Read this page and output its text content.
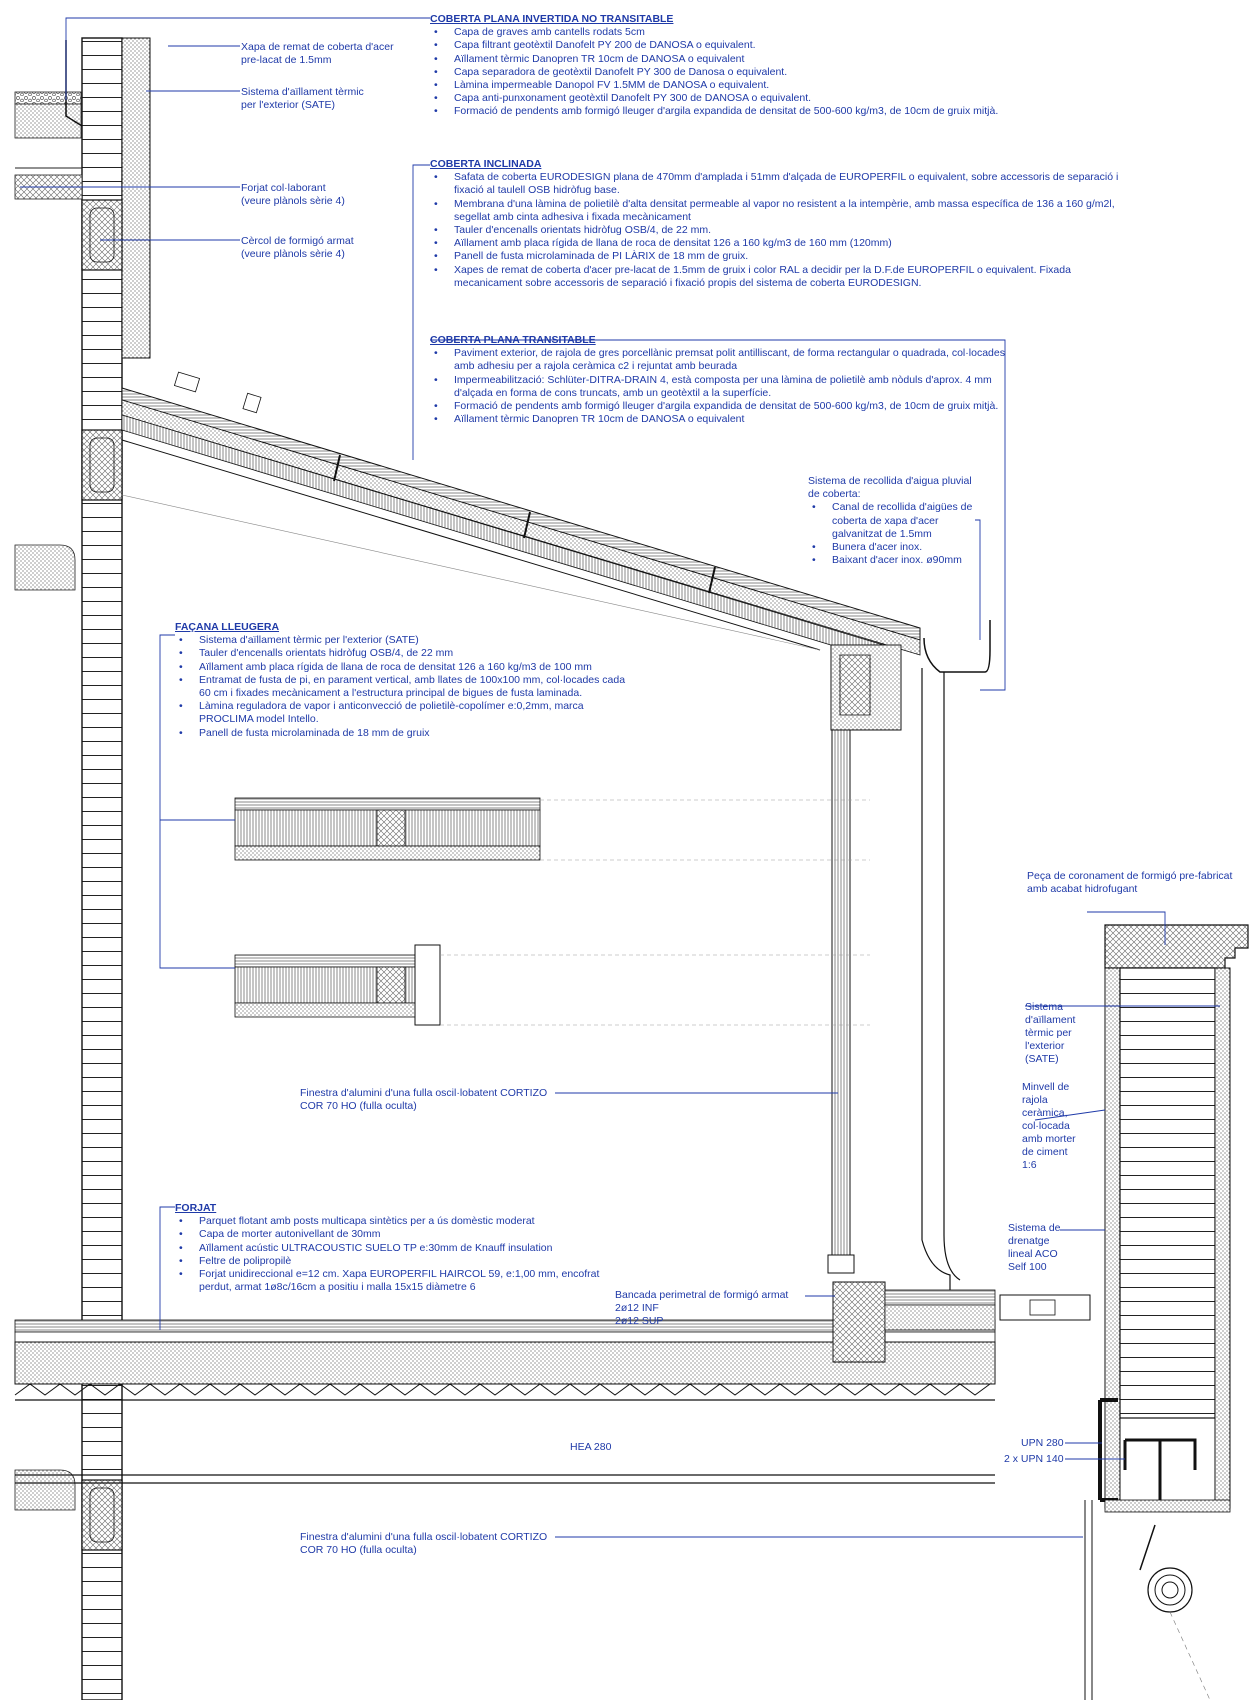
COBERTA PLANA INVERTIDA NO TRANSITABLE
• Capa de graves amb cantells rodats 5cm
• Capa filtrant geotèxtil Danofelt PY 200 de DANOSA o equivalent.
• Aïllament tèrmic Danopren TR 10cm de DANOSA o equivalent
• Capa separadora de geotèxtil Danofelt PY 300 de Danosa o equivalent.
• Làmina impermeable Danopol FV 1.5MM de DANOSA o equivalent.
• Capa anti-punxonament geotèxtil Danofelt PY 300 de DANOSA o equivalent.
• Formació de pendents amb formigó lleuger d'argila expandida de densitat de 500-600 kg/m3, de 10cm de gruix mitjà.
COBERTA INCLINADA
• Safata de coberta EURODESIGN plana de 470mm d'amplada i 51mm d'alçada de EUROPERFIL o equivalent, sobre accessoris de separació i fixació al taulell OSB hidròfug base.
• Membrana d'una làmina de polietilè d'alta densitat permeable al vapor no resistent a la intempèrie, amb massa específica de 136 a 160 g/m2l, segellat amb cinta adhesiva i fixada mecànicament
• Tauler d'encenalls orientats hidròfug OSB/4, de 22 mm.
• Aïllament amb placa rígida de llana de roca de densitat 126 a 160 kg/m3 de 160 mm (120mm)
• Panell de fusta microlaminada de PI LÀRIX de 18 mm de gruix.
• Xapes de remat de coberta d'acer pre-lacat de 1.5mm de gruix i color RAL a decidir per la D.F.de EUROPERFIL o equivalent. Fixada mecanicament sobre accessoris de separació i fixació propis del sistema de coberta EURODESIGN.
COBERTA PLANA TRANSITABLE
• Paviment exterior, de rajola de gres porcellànic premsat polit antilliscant, de forma rectangular o quadrada, col·locades amb adhesiu per a rajola ceràmica c2 i rejuntat amb beurada
• Impermeabilització: Schlüter-DITRA-DRAIN 4, està composta per una làmina de polietilè amb nòduls d'aprox. 4 mm d'alçada en forma de cons truncats, amb un geotèxtil a la superfície.
• Formació de pendents amb formigó lleuger d'argila expandida de densitat de 500-600 kg/m3, de 10cm de gruix mitjà.
• Aïllament tèrmic Danopren TR 10cm de DANOSA o equivalent
FAÇANA LLEUGERA
• Sistema d'aïllament tèrmic per l'exterior (SATE)
• Tauler d'encenalls orientats hidròfug OSB/4, de 22 mm
• Aïllament amb placa rígida de llana de roca de densitat 126 a 160 kg/m3 de 100 mm
• Entramat de fusta de pi, en parament vertical, amb llates de 100x100 mm, col·locades cada 60 cm i fixades mecànicament a l'estructura principal de bigues de fusta laminada.
• Làmina reguladora de vapor i anticonvecció de polietilè-copolímer e:0,2mm, marca PROCLIMA model Intello.
• Panell de fusta microlaminada de 18 mm de gruix
FORJAT
• Parquet flotant amb posts multicapa sintètics per a ús domèstic moderat
• Capa de morter autonivellant de 30mm
• Aïllament acústic ULTRACOUSTIC SUELO TP e:30mm de Knauff insulation
• Feltre de polipropilè
• Forjat unidireccional e=12 cm. Xapa EUROPERFIL HAIRCOL 59, e:1,00 mm, encofrat perdut, armat 1ø8c/16cm a positiu i malla 15x15 diàmetre 6
Xapa de remat de coberta d'acer
pre-lacat de 1.5mm
Sistema d'aïllament tèrmic
per l'exterior (SATE)
Forjat col·laborant
(veure plànols sèrie 4)
Cèrcol de formigó armat
(veure plànols sèrie 4)
Sistema de recollida d'aigua pluvial
de coberta:
• Canal de recollida d'aigües de coberta de xapa d'acer galvanitzat de 1.5mm
• Bunera d'acer inox.
• Baixant d'acer inox. ø90mm
Finestra d'alumini d'una fulla oscil·lobatent CORTIZO
COR 70 HO (fulla oculta)
Bancada perimetral de formigó armat
2ø12 INF
2ø12 SUP
Finestra d'alumini d'una fulla oscil·lobatent CORTIZO
COR 70 HO (fulla oculta)
Peça de coronament de formigó pre-fabricat
amb acabat hidrofugant
Sistema
d'aïllament
tèrmic per
l'exterior
(SATE)
Minvell de
rajola
ceràmica,
col·locada
amb morter
de ciment
1:6
Sistema de
drenatge
lineal ACO
Self 100
HEA 280	UPN 280
2 x UPN 140
